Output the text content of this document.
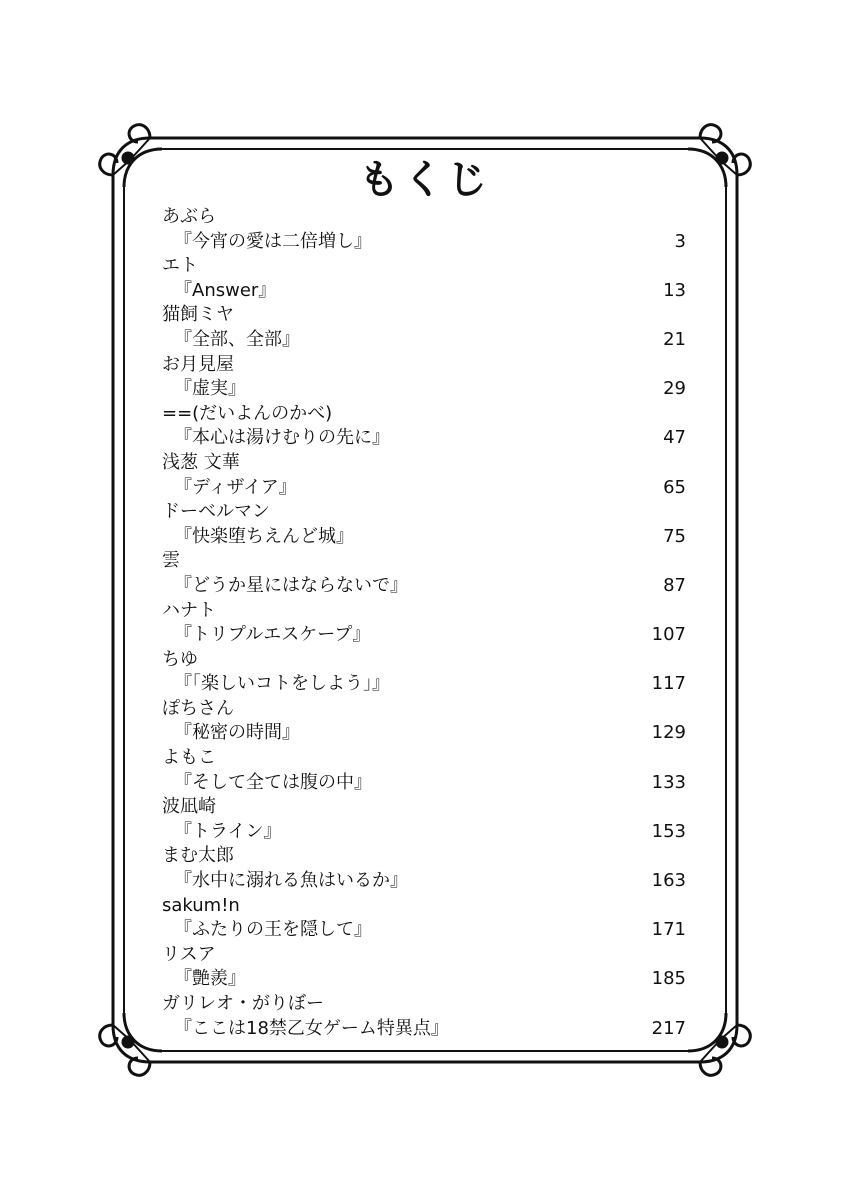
もくじ
あぶら
『今宵の愛は二倍増し』	3
エト
『Answer』	13
猫飼ミヤ
『全部、全部』	21
お月見屋
『虚実』	29
==(だいよんのかべ)
『本心は湯けむりの先に』	47
浅葱 文華
『ディザイア』	65
ドーベルマン
『快楽堕ちえんど城』	75
雲
『どうか星にはならないで』	87
ハナト
『トリプルエスケープ』	107
ちゆ
『「楽しいコトをしよう」』	117
ぽちさん
『秘密の時間』	129
よもこ
『そして全ては腹の中』	133
波凪崎
『トライン』	153
まむ太郎
『水中に溺れる魚はいるか』	163
sakum!n
『ふたりの王を隠して』	171
リスア
『艶羨』	185
ガリレオ・がりぼー
『ここは18禁乙女ゲーム特異点』	217
